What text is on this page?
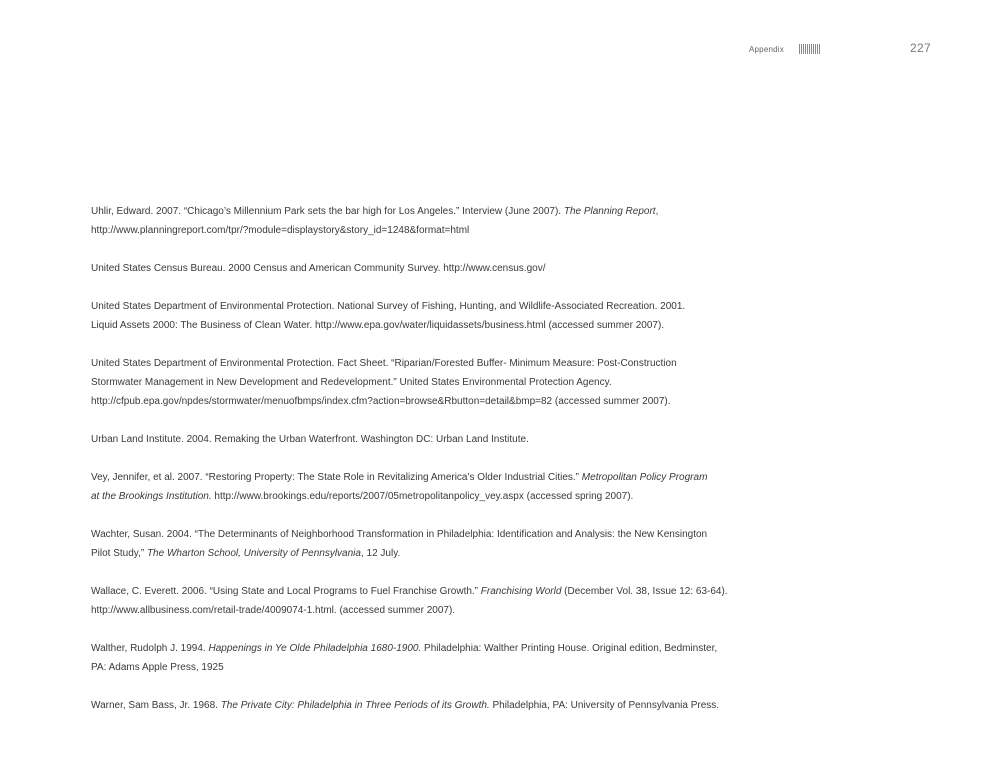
Appendix	227

Uhlir, Edward. 2007. “Chicago’s Millennium Park sets the bar high for Los Angeles.” Interview (June 2007). The Planning Report,
http://www.planningreport.com/tpr/?module=displaystory&story_id=1248&format=html

United States Census Bureau. 2000 Census and American Community Survey. http://www.census.gov/

United States Department of Environmental Protection. National Survey of Fishing, Hunting, and Wildlife-Associated Recreation. 2001.
Liquid Assets 2000: The Business of Clean Water. http://www.epa.gov/water/liquidassets/business.html (accessed summer 2007).

United States Department of Environmental Protection. Fact Sheet. “Riparian/Forested Buffer- Minimum Measure: Post-Construction
Stormwater Management in New Development and Redevelopment.” United States Environmental Protection Agency.
http://cfpub.epa.gov/npdes/stormwater/menuofbmps/index.cfm?action=browse&Rbutton=detail&bmp=82 (accessed summer 2007).

Urban Land Institute. 2004. Remaking the Urban Waterfront. Washington DC: Urban Land Institute.

Vey, Jennifer, et al. 2007. “Restoring Property: The State Role in Revitalizing America’s Older Industrial Cities.” Metropolitan Policy Program
at the Brookings Institution. http://www.brookings.edu/reports/2007/05metropolitanpolicy_vey.aspx (accessed spring 2007).

Wachter, Susan. 2004. “The Determinants of Neighborhood Transformation in Philadelphia: Identification and Analysis: the New Kensington
Pilot Study,” The Wharton School, University of Pennsylvania, 12 July.

Wallace, C. Everett. 2006. “Using State and Local Programs to Fuel Franchise Growth.” Franchising World (December Vol. 38, Issue 12: 63-64).
http://www.allbusiness.com/retail-trade/4009074-1.html. (accessed summer 2007).

Walther, Rudolph J. 1994. Happenings in Ye Olde Philadelphia 1680-1900. Philadelphia: Walther Printing House. Original edition, Bedminster,
PA: Adams Apple Press, 1925

Warner, Sam Bass, Jr. 1968. The Private City: Philadelphia in Three Periods of its Growth. Philadelphia, PA: University of Pennsylvania Press.
